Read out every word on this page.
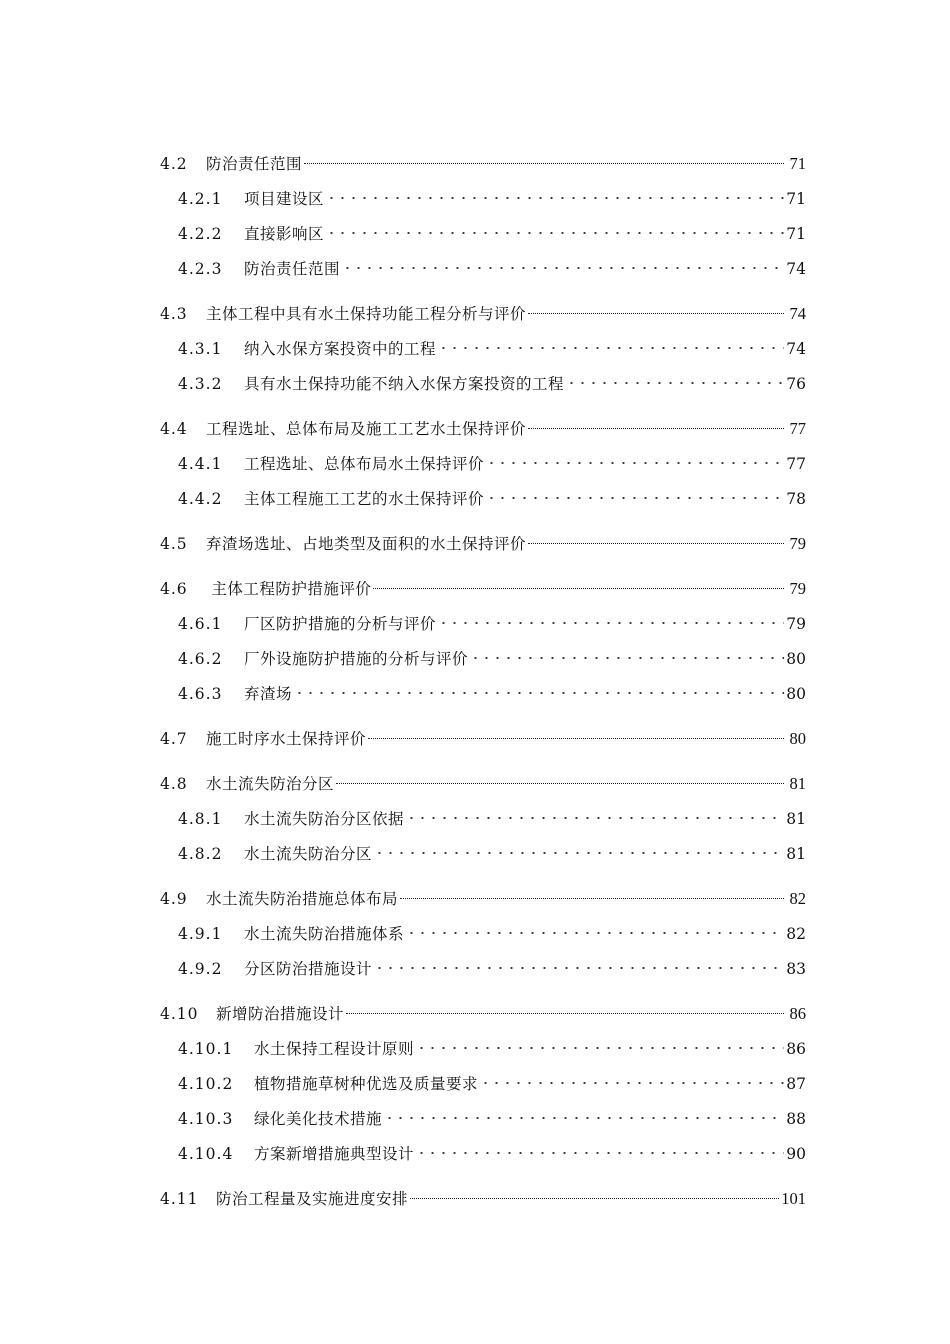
4.2	防治责任范围	71
4.2.1	项目建设区	71
4.2.2	直接影响区	71
4.2.3	防治责任范围	74
4.3	主体工程中具有水土保持功能工程分析与评价	74
4.3.1	纳入水保方案投资中的工程	74
4.3.2	具有水土保持功能不纳入水保方案投资的工程	76
4.4	工程选址、总体布局及施工工艺水土保持评价	77
4.4.1	工程选址、总体布局水土保持评价	77
4.4.2	主体工程施工工艺的水土保持评价	78
4.5	弃渣场选址、占地类型及面积的水土保持评价	79
4.6	主体工程防护措施评价	79
4.6.1	厂区防护措施的分析与评价	79
4.6.2	厂外设施防护措施的分析与评价	80
4.6.3	弃渣场	80
4.7	施工时序水土保持评价	80
4.8	水土流失防治分区	81
4.8.1	水土流失防治分区依据	81
4.8.2	水土流失防治分区	81
4.9	水土流失防治措施总体布局	82
4.9.1	水土流失防治措施体系	82
4.9.2	分区防治措施设计	83
4.10	新增防治措施设计	86
4.10.1	水土保持工程设计原则	86
4.10.2	植物措施草树种优选及质量要求	87
4.10.3	绿化美化技术措施	88
4.10.4	方案新增措施典型设计	90
4.11	防治工程量及实施进度安排	101
